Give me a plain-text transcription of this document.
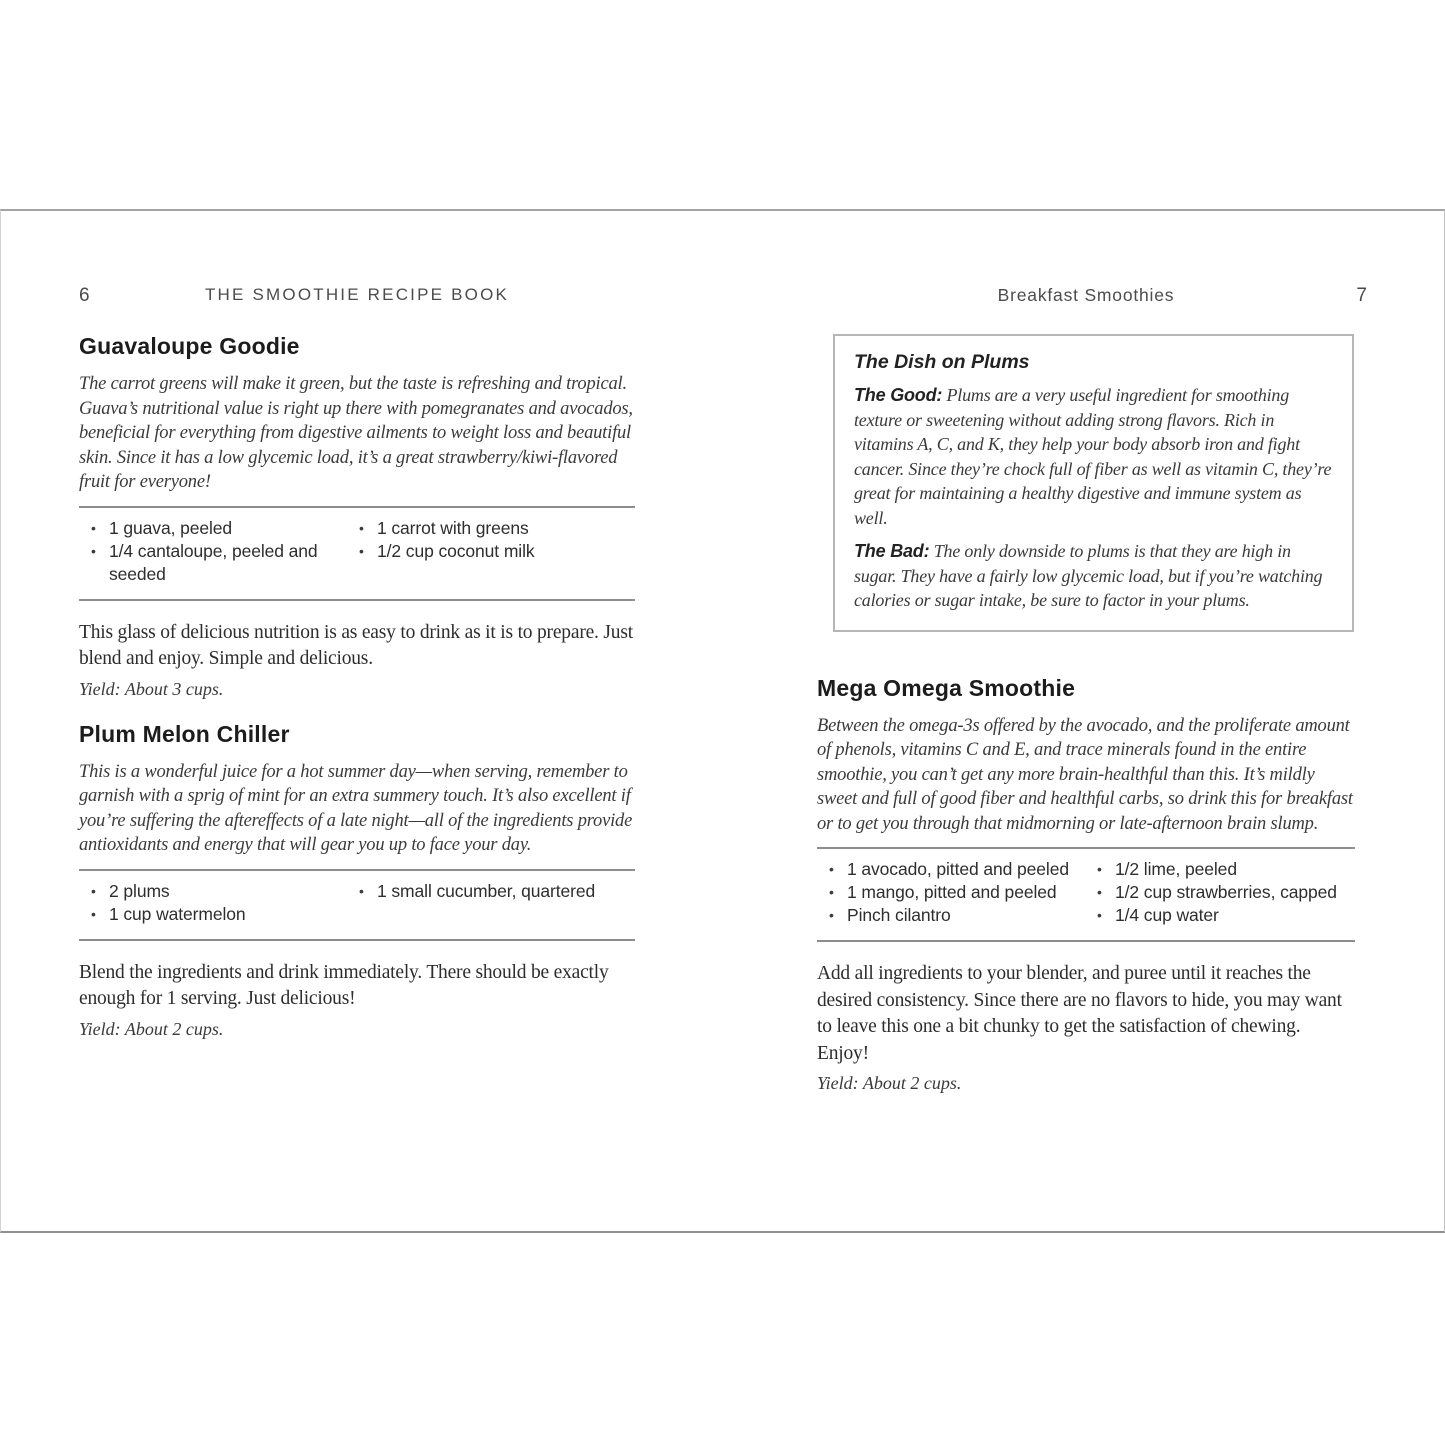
6	THE SMOOTHIE RECIPE BOOK
Guavaloupe Goodie

The carrot greens will make it green, but the taste is refreshing and tropical. Guava’s nutritional value is right up there with pomegranates and avocados, beneficial for everything from digestive ailments to weight loss and beautiful skin. Since it has a low glycemic load, it’s a great strawberry/kiwi-flavored fruit for everyone!

• 1 guava, peeled
• 1/4 cantaloupe, peeled and seeded
• 1 carrot with greens
• 1/2 cup coconut milk

This glass of delicious nutrition is as easy to drink as it is to prepare. Just blend and enjoy. Simple and delicious.

Yield: About 3 cups.

Plum Melon Chiller

This is a wonderful juice for a hot summer day—when serving, remember to garnish with a sprig of mint for an extra summery touch. It’s also excellent if you’re suffering the aftereffects of a late night—all of the ingredients provide antioxidants and energy that will gear you up to face your day.

• 2 plums
• 1 cup watermelon
• 1 small cucumber, quartered

Blend the ingredients and drink immediately. There should be exactly enough for 1 serving. Just delicious!

Yield: About 2 cups.

Breakfast Smoothies	7
The Dish on Plums

The Good: Plums are a very useful ingredient for smoothing texture or sweetening without adding strong flavors. Rich in vitamins A, C, and K, they help your body absorb iron and fight cancer. Since they’re chock full of fiber as well as vitamin C, they’re great for maintaining a healthy digestive and immune system as well.

The Bad: The only downside to plums is that they are high in sugar. They have a fairly low glycemic load, but if you’re watching calories or sugar intake, be sure to factor in your plums.

Mega Omega Smoothie

Between the omega-3s offered by the avocado, and the proliferate amount of phenols, vitamins C and E, and trace minerals found in the entire smoothie, you can’t get any more brain-healthful than this. It’s mildly sweet and full of good fiber and healthful carbs, so drink this for breakfast or to get you through that midmorning or late-afternoon brain slump.

• 1 avocado, pitted and peeled
• 1 mango, pitted and peeled
• Pinch cilantro
• 1/2 lime, peeled
• 1/2 cup strawberries, capped
• 1/4 cup water

Add all ingredients to your blender, and puree until it reaches the desired consistency. Since there are no flavors to hide, you may want to leave this one a bit chunky to get the satisfaction of chewing. Enjoy!

Yield: About 2 cups.
